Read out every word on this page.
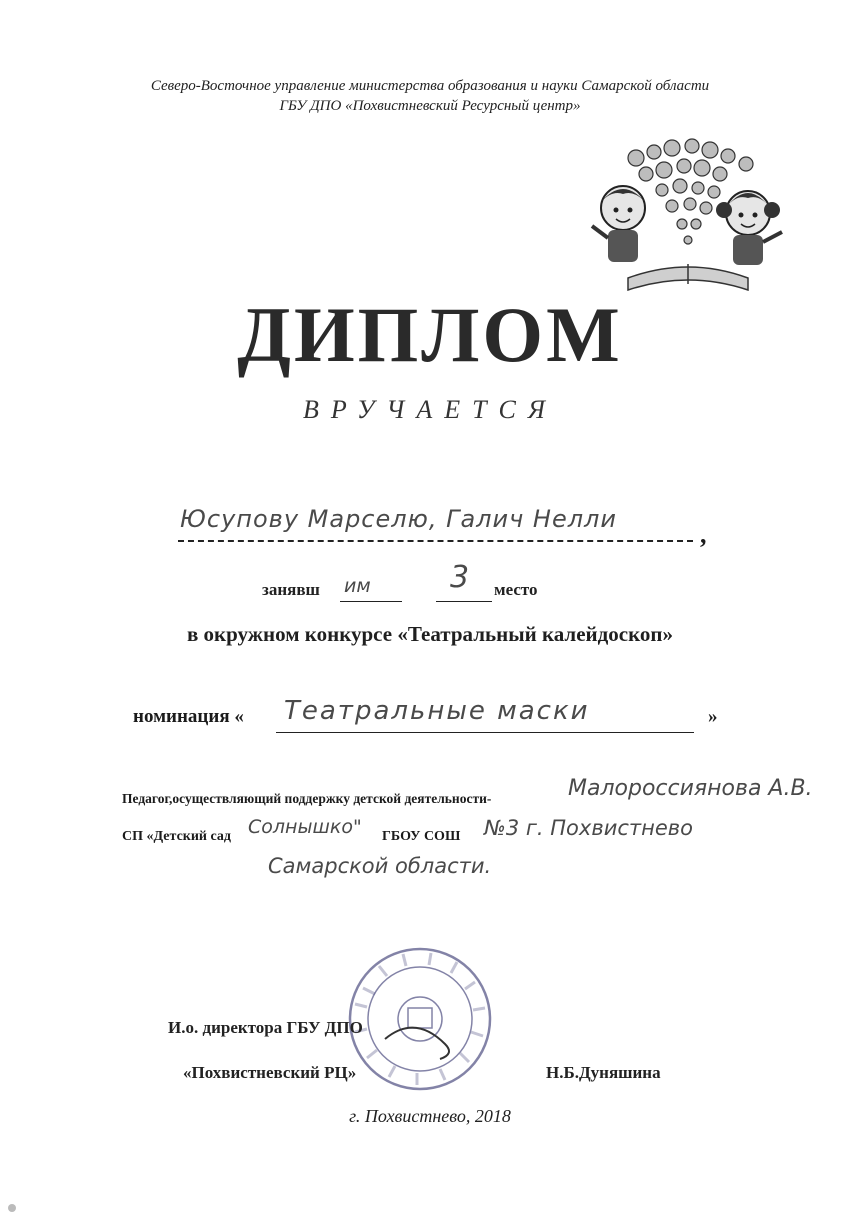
Северо-Восточное управление министерства образования и науки Самарской области
ГБУ ДПО «Похвистневский Ресурсный центр»
ДИПЛОМ
ВРУЧАЕТСЯ
Юсупову Марселю, Галич Нелли
,
занявш им	3 место
в окружном конкурсе «Театральный калейдоскоп»
номинация « Театральные маски	»
Педагог,осуществляющий поддержку детской деятельности-	Малороссиянова А.В.
СП «Детский сад Солнышко" ГБОУ СОШ №3 г. Похвистнево
Самарской области.
И.о. директора ГБУ ДПО
«Похвистневский РЦ»	Н.Б.Дуняшина
г. Похвистнево, 2018
